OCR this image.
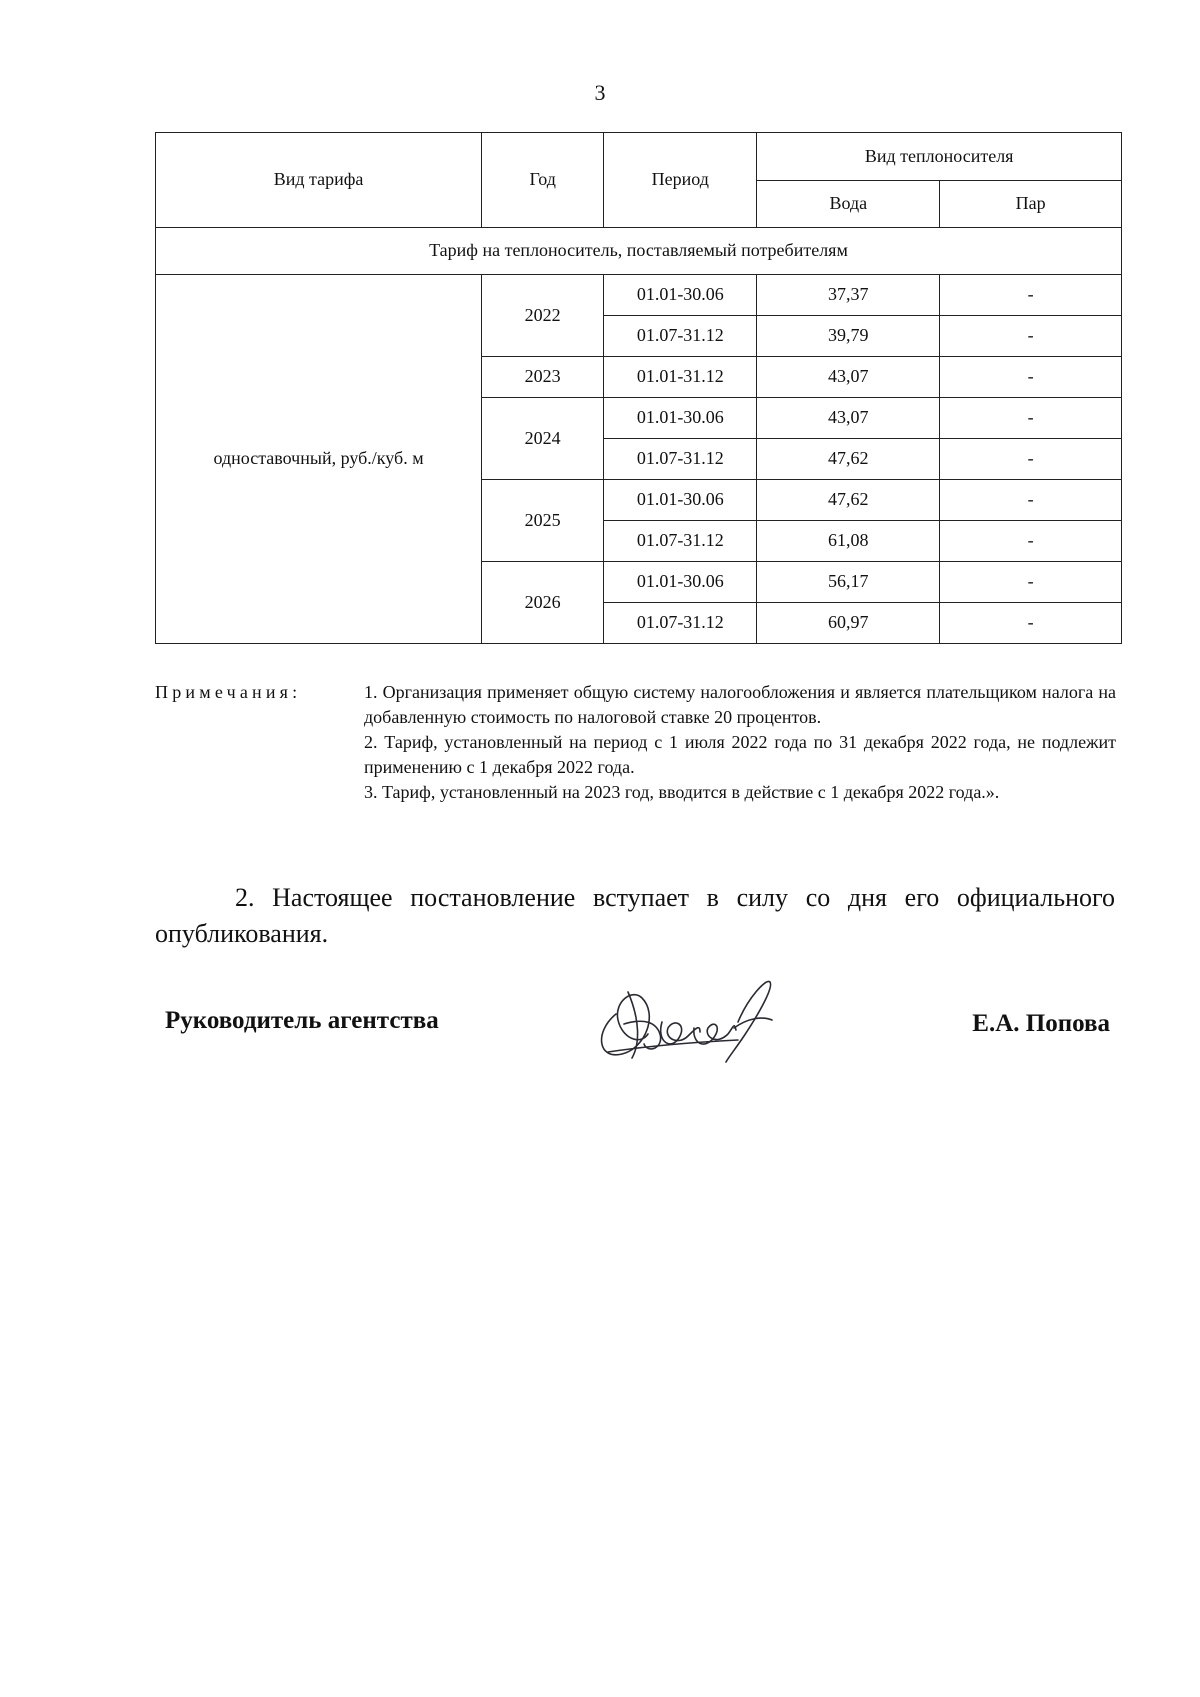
3
Вид тарифа	Год	Период	Вид теплоносителя	
			Вода	Пар
Тариф на теплоноситель, поставляемый потребителям				
одноставочный, руб./куб. м	2022	01.01-30.06	37,37	-
		01.07-31.12	39,79	-
	2023	01.01-31.12	43,07	-
	2024	01.01-30.06	43,07	-
		01.07-31.12	47,62	-
	2025	01.01-30.06	47,62	-
		01.07-31.12	61,08	-
	2026	01.01-30.06	56,17	-
		01.07-31.12	60,97	-
Примечания:	1. Организация применяет общую систему налогообложения и является плательщиком налога на добавленную стоимость по налоговой ставке 20 процентов.
2. Тариф, установленный на период с 1 июля 2022 года по 31 декабря 2022 года, не подлежит применению с 1 декабря 2022 года.
3. Тариф, установленный на 2023 год, вводится в действие с 1 декабря 2022 года.».
2. Настоящее постановление вступает в силу со дня его официального опубликования.
Руководитель агентства	Е.А. Попова
